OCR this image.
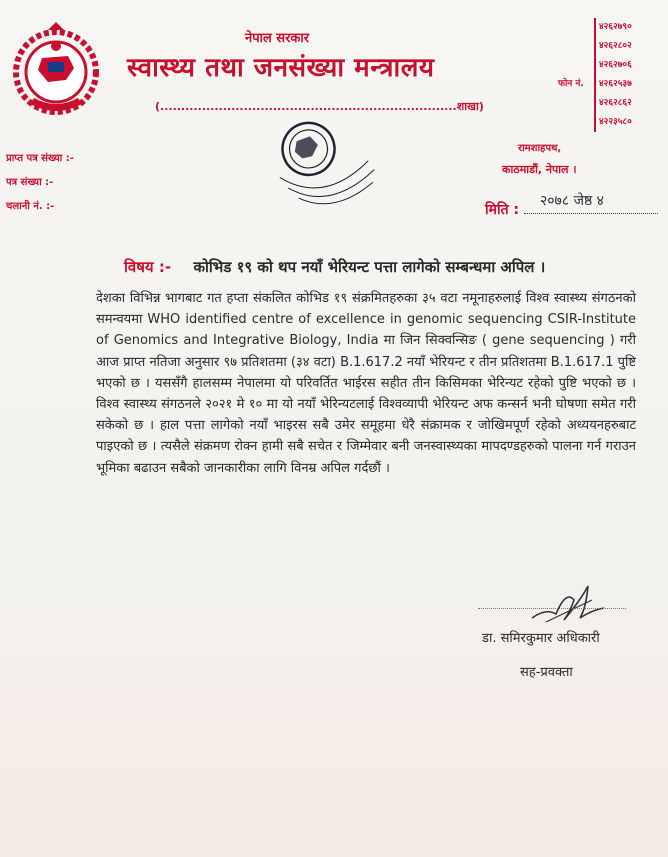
नेपाल सरकार
स्वास्थ्य तथा जनसंख्या मन्त्रालय
(.......................................................................शाखा)
फोन नं.
४२६२७९०
४२६२८०२
४२६२७०६
४२६२५३७
४२६२८६२
४२२३५८०
प्राप्त पत्र संख्या :-
पत्र संख्या :-
चलानी नं. :-
रामशाहपथ,
काठमाडौं, नेपाल ।
मिति :
२०७८ जेष्ठ ४
विषय :- कोभिड १९ को थप नयाँ भेरियन्ट पत्ता लागेको सम्बन्धमा अपिल ।
देशका विभिन्न भागबाट गत हप्ता संकलित कोभिड १९ संक्रमितहरुका ३५ वटा नमूनाहरुलाई विश्व स्वास्थ्य संगठनको समन्वयमा WHO identified centre of excellence in genomic sequencing CSIR-Institute of Genomics and Integrative Biology, India मा जिन सिक्वन्सिङ ( gene sequencing ) गरी आज प्राप्त नतिजा अनुसार ९७ प्रतिशतमा (३४ वटा) B.1.617.2 नयाँ भेरियन्ट र तीन प्रतिशतमा B.1.617.1 पुष्टि भएको छ । यससँगै हालसम्म नेपालमा यो परिवर्तित भाईरस सहीत तीन किसिमका भेरिन्यट रहेको पुष्टि भएको छ । विश्व स्वास्थ्य संगठनले २०२१ मे १० मा यो नयाँ भेरिन्यटलाई विश्वव्यापी भेरियन्ट अफ कन्सर्न भनी घोषणा समेत गरी सकेको छ । हाल पत्ता लागेको नयाँ भाइरस सबै उमेर समूहमा धेरै संक्रामक र जोखिमपूर्ण रहेको अध्ययनहरुबाट पाइएको छ । त्यसैले संक्रमण रोक्न हामी सबै सचेत र जिम्मेवार बनी जनस्वास्थ्यका मापदण्डहरुको पालना गर्न गराउन भूमिका बढाउन सबैको जानकारीका लागि विनम्र अपिल गर्दछौं ।
डा. समिरकुमार अधिकारी
सह-प्रवक्ता
